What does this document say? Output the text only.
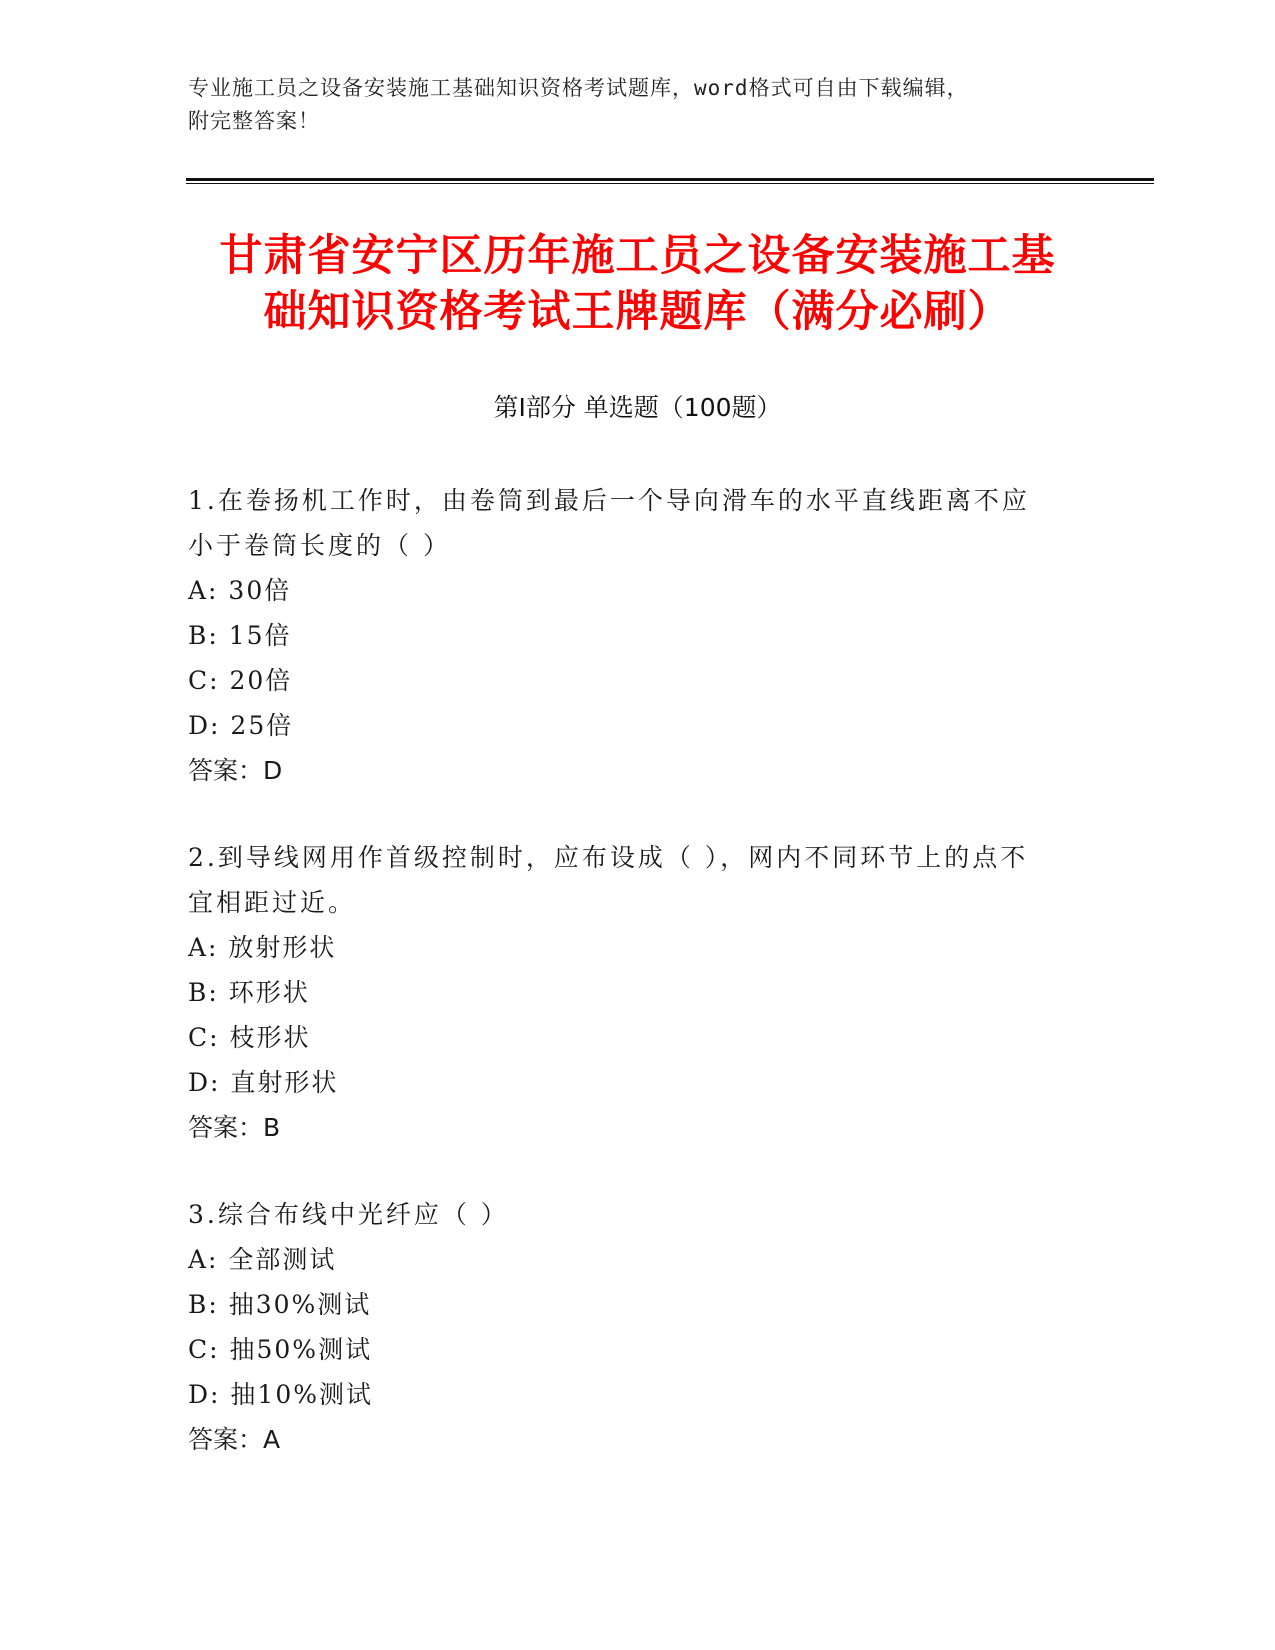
专业施工员之设备安装施工基础知识资格考试题库，word格式可自由下载编辑，
附完整答案！
甘肃省安宁区历年施工员之设备安装施工基
础知识资格考试王牌题库（满分必刷）
第Ⅰ部分 单选题（100题）
1.在卷扬机工作时，由卷筒到最后一个导向滑车的水平直线距离不应
小于卷筒长度的（ ）
A: 30倍
B: 15倍
C: 20倍
D: 25倍
答案：D
2.到导线网用作首级控制时，应布设成（ ），网内不同环节上的点不
宜相距过近。
A: 放射形状
B: 环形状
C: 枝形状
D: 直射形状
答案：B
3.综合布线中光纤应（ ）
A: 全部测试
B: 抽30%测试
C: 抽50%测试
D: 抽10%测试
答案：A
